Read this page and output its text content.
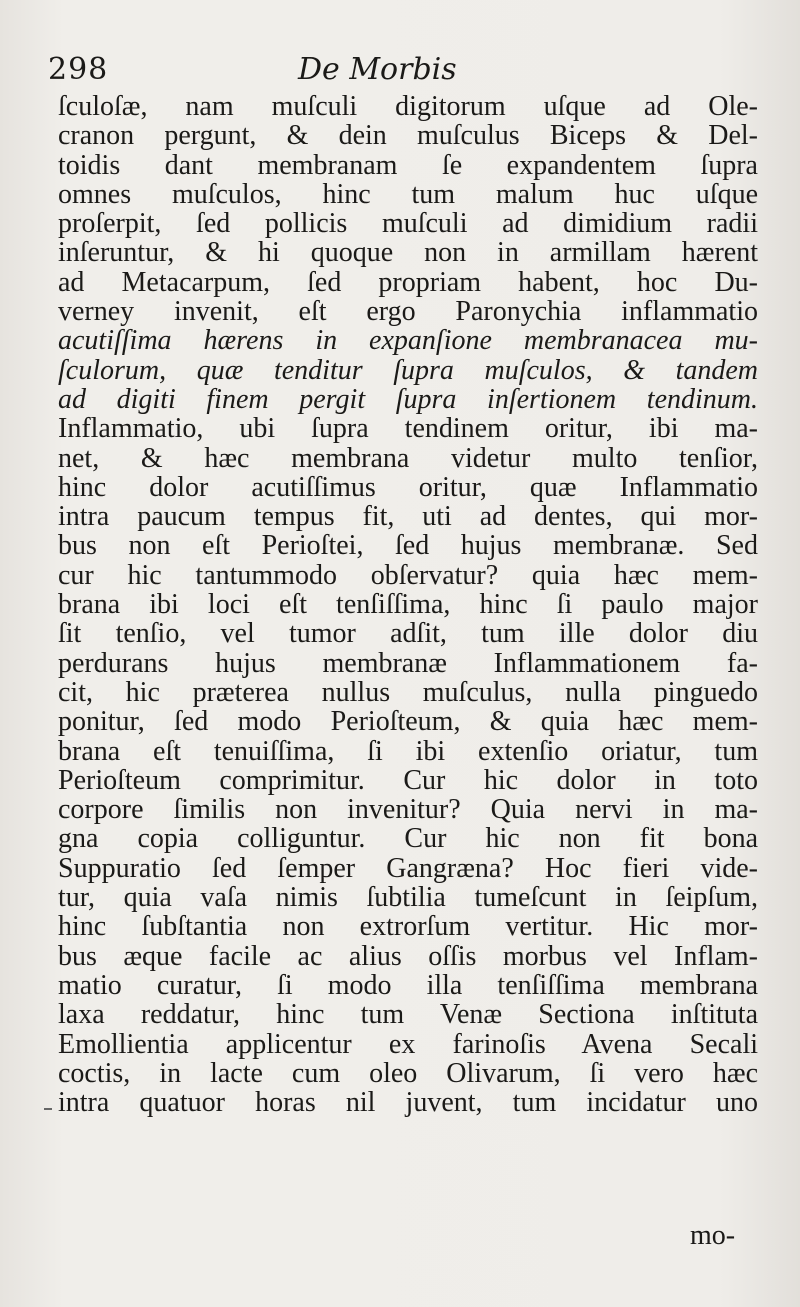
298	De Morbis
ſculoſæ, nam muſculi digitorum uſque ad Ole-
cranon pergunt, & dein muſculus Biceps & Del-
toidis dant membranam ſe expandentem ſupra
omnes muſculos, hinc tum malum huc uſque
proſerpit, ſed pollicis muſculi ad dimidium radii
inſeruntur, & hi quoque non in armillam hærent
ad Metacarpum, ſed propriam habent, hoc Du-
verney invenit, eſt ergo Paronychia inflammatio
acutiſſima hærens in expanſione membranacea mu-
ſculorum, quæ tenditur ſupra muſculos, & tandem
ad digiti finem pergit ſupra inſertionem tendinum.
Inflammatio, ubi ſupra tendinem oritur, ibi ma-
net, & hæc membrana videtur multo tenſior,
hinc dolor acutiſſimus oritur, quæ Inflammatio
intra paucum tempus fit, uti ad dentes, qui mor-
bus non eſt Perioſtei, ſed hujus membranæ. Sed
cur hic tantummodo obſervatur? quia hæc mem-
brana ibi loci eſt tenſiſſima, hinc ſi paulo major
ſit tenſio, vel tumor adſit, tum ille dolor diu
perdurans hujus membranæ Inflammationem fa-
cit, hic præterea nullus muſculus, nulla pinguedo
ponitur, ſed modo Perioſteum, & quia hæc mem-
brana eſt tenuiſſima, ſi ibi extenſio oriatur, tum
Perioſteum comprimitur. Cur hic dolor in toto
corpore ſimilis non invenitur? Quia nervi in ma-
gna copia colliguntur. Cur hic non fit bona
Suppuratio ſed ſemper Gangræna? Hoc fieri vide-
tur, quia vaſa nimis ſubtilia tumeſcunt in ſeipſum,
hinc ſubſtantia non extrorſum vertitur. Hic mor-
bus æque facile ac alius oſſis morbus vel Inflam-
matio curatur, ſi modo illa tenſiſſima membrana
laxa reddatur, hinc tum Venæ Sectiona inſtituta
Emollientia applicentur ex farinoſis Avena Secali
coctis, in lacte cum oleo Olivarum, ſi vero hæc
intra quatuor horas nil juvent, tum incidatur uno
mo-
